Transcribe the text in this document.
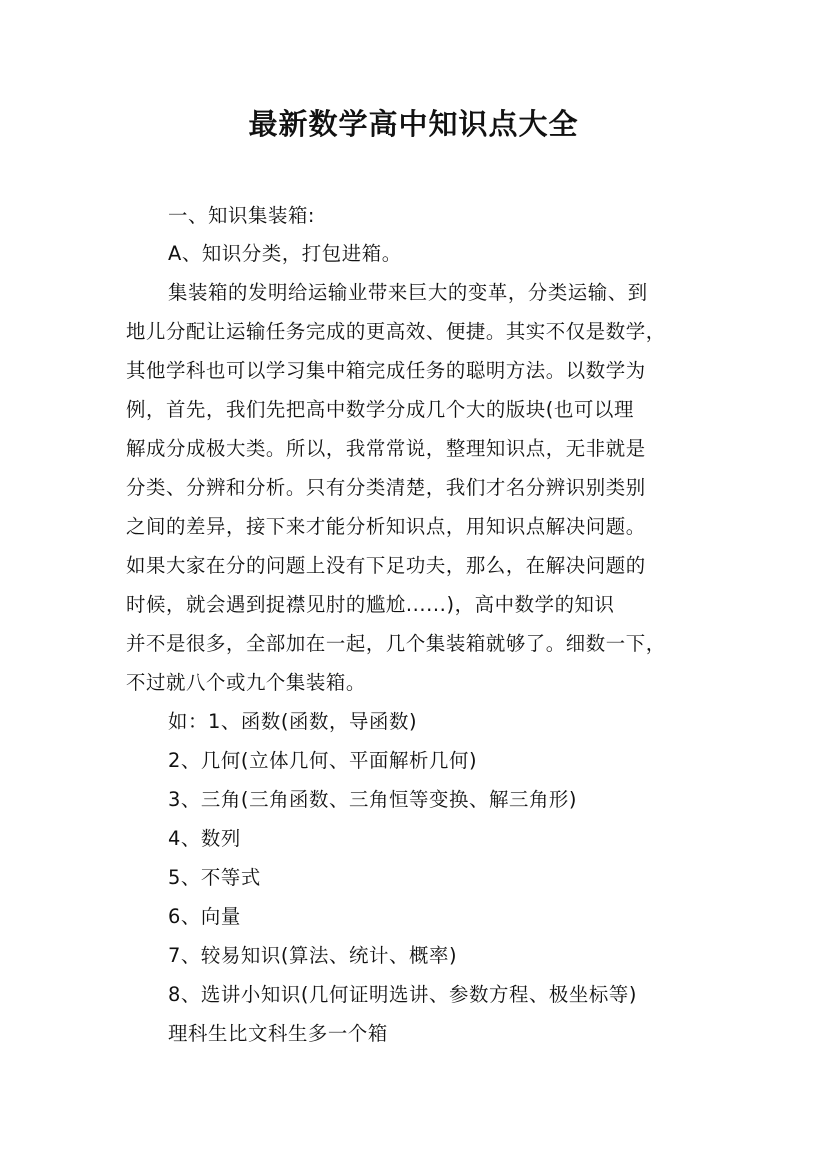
最新数学高中知识点大全

一、知识集装箱:

A、知识分类，打包进箱。

集装箱的发明给运输业带来巨大的变革，分类运输、到

地儿分配让运输任务完成的更高效、便捷。其实不仅是数学，

其他学科也可以学习集中箱完成任务的聪明方法。以数学为

例，首先，我们先把高中数学分成几个大的版块(也可以理

解成分成极大类。所以，我常常说，整理知识点，无非就是

分类、分辨和分析。只有分类清楚，我们才名分辨识别类别

之间的差异，接下来才能分析知识点，用知识点解决问题。

如果大家在分的问题上没有下足功夫，那么，在解决问题的

时候，就会遇到捉襟见肘的尴尬......)，高中数学的知识

并不是很多，全部加在一起，几个集装箱就够了。细数一下，

不过就八个或九个集装箱。

如：1、函数(函数，导函数)

2、几何(立体几何、平面解析几何)

3、三角(三角函数、三角恒等变换、解三角形)

4、数列

5、不等式

6、向量

7、较易知识(算法、统计、概率)

8、选讲小知识(几何证明选讲、参数方程、极坐标等)

理科生比文科生多一个箱
